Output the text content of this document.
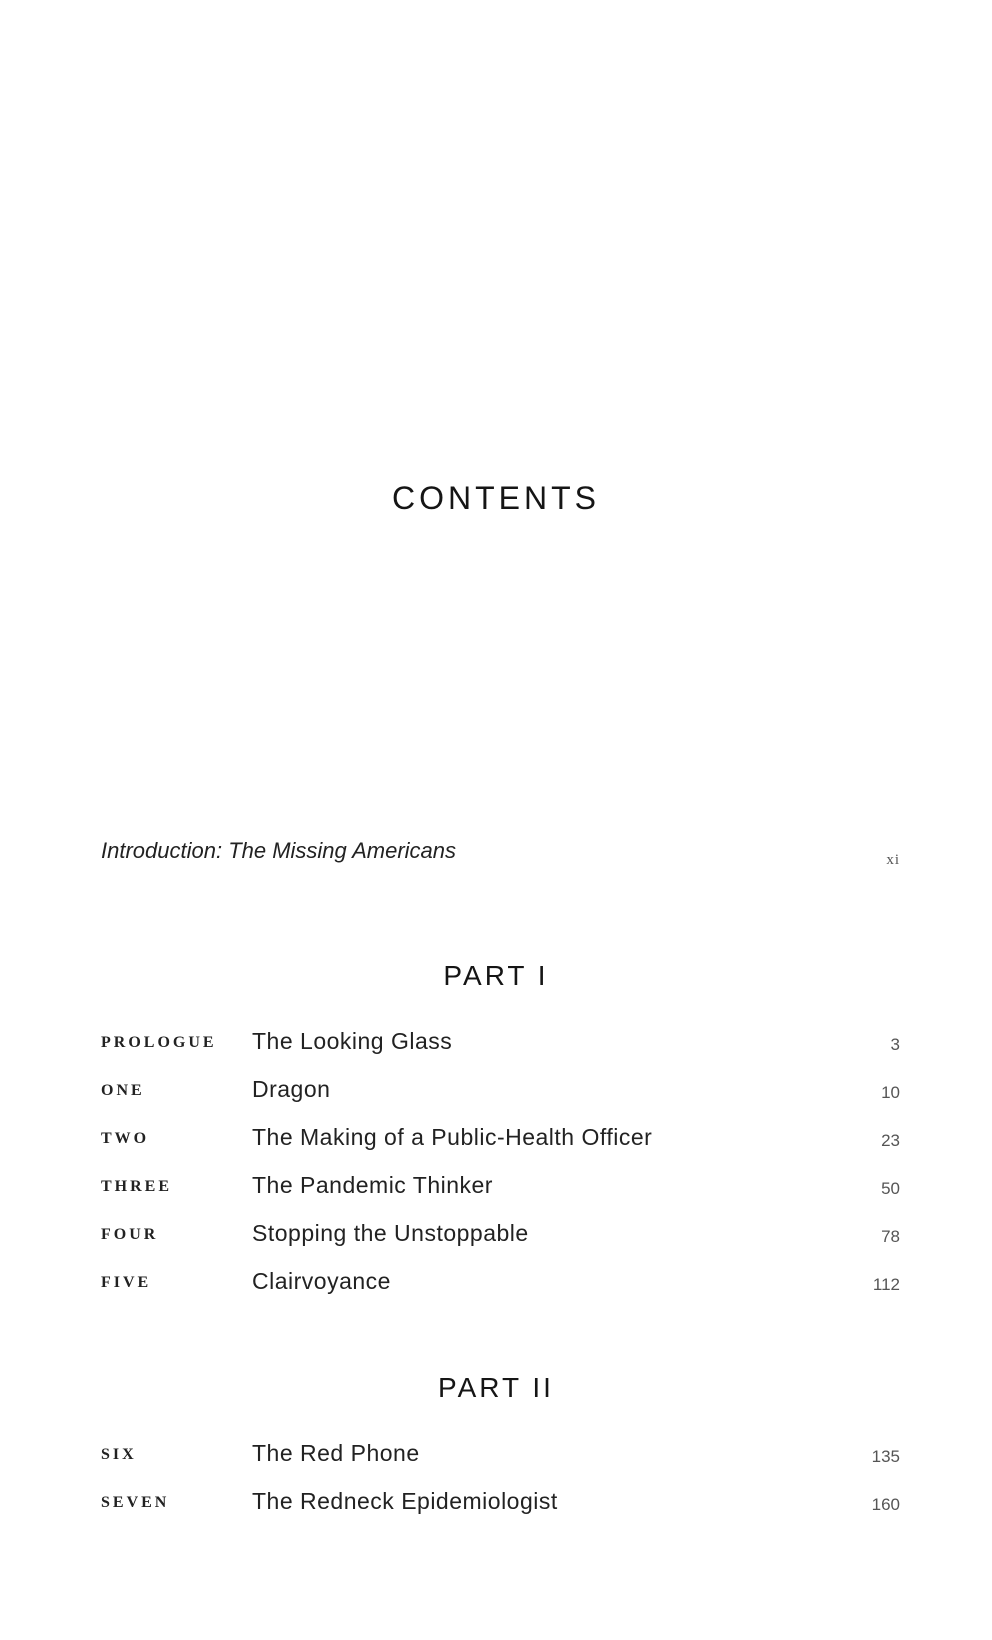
CONTENTS
Introduction: The Missing Americans	xi
PART I
PROLOGUE The Looking Glass	3
ONE	Dragon	10
TWO	The Making of a Public-Health Officer	23
THREE	The Pandemic Thinker	50
FOUR	Stopping the Unstoppable	78
FIVE	Clairvoyance	112
PART II
SIX	The Red Phone	135
SEVEN	The Redneck Epidemiologist	160
